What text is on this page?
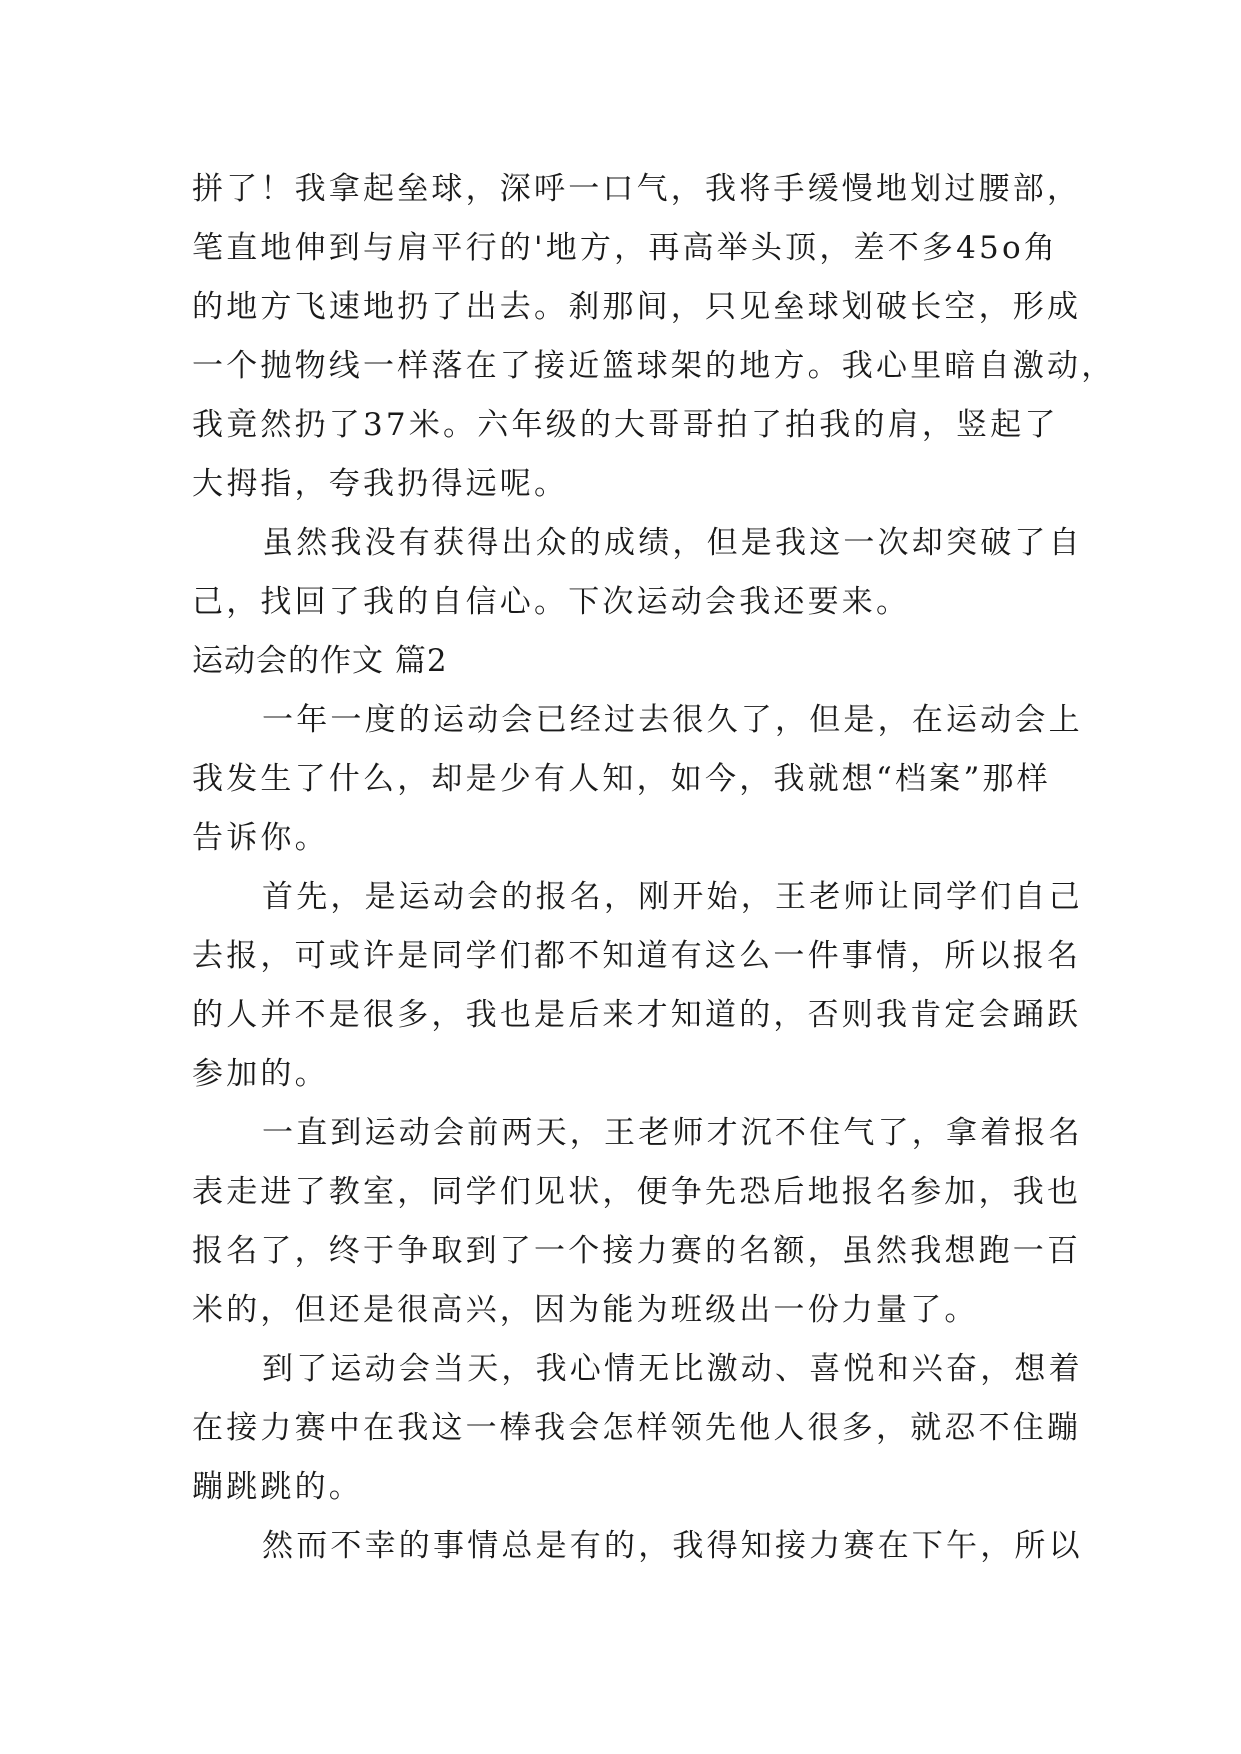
拼了！我拿起垒球，深呼一口气，我将手缓慢地划过腰部，
笔直地伸到与肩平行的'地方，再高举头顶，差不多45o角
的地方飞速地扔了出去。刹那间，只见垒球划破长空，形成
一个抛物线一样落在了接近篮球架的地方。我心里暗自激动，
我竟然扔了37米。六年级的大哥哥拍了拍我的肩，竖起了
大拇指，夸我扔得远呢。
虽然我没有获得出众的成绩，但是我这一次却突破了自
己，找回了我的自信心。下次运动会我还要来。
运动会的作文 篇2
一年一度的运动会已经过去很久了，但是，在运动会上
我发生了什么，却是少有人知，如今，我就想“档案”那样
告诉你。
首先，是运动会的报名，刚开始，王老师让同学们自己
去报，可或许是同学们都不知道有这么一件事情，所以报名
的人并不是很多，我也是后来才知道的，否则我肯定会踊跃
参加的。
一直到运动会前两天，王老师才沉不住气了，拿着报名
表走进了教室，同学们见状，便争先恐后地报名参加，我也
报名了，终于争取到了一个接力赛的名额，虽然我想跑一百
米的，但还是很高兴，因为能为班级出一份力量了。
到了运动会当天，我心情无比激动、喜悦和兴奋，想着
在接力赛中在我这一棒我会怎样领先他人很多，就忍不住蹦
蹦跳跳的。
然而不幸的事情总是有的，我得知接力赛在下午，所以
